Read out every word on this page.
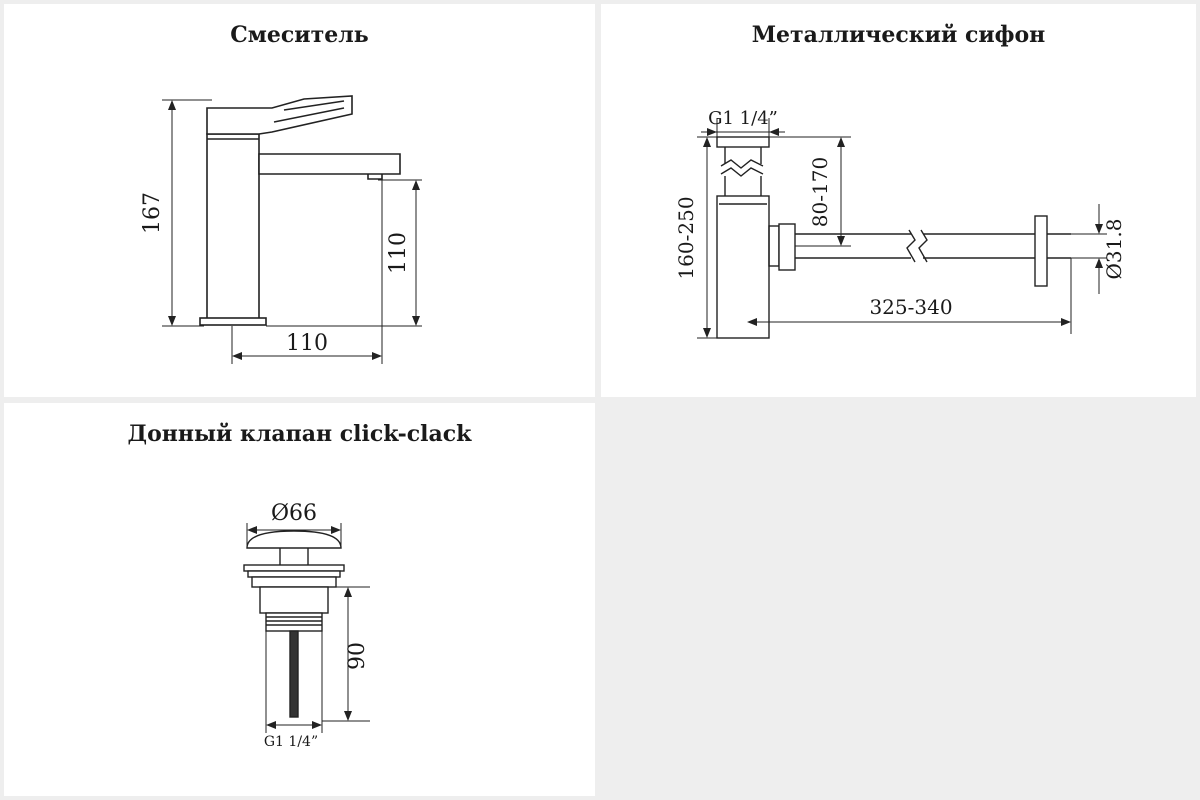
Смеситель
167
110
110
Металлический сифон
G1 1/4”
160-250
80-170
325-340
Ø31.8
Донный клапан click-clack
Ø66
90
G1 1/4”
